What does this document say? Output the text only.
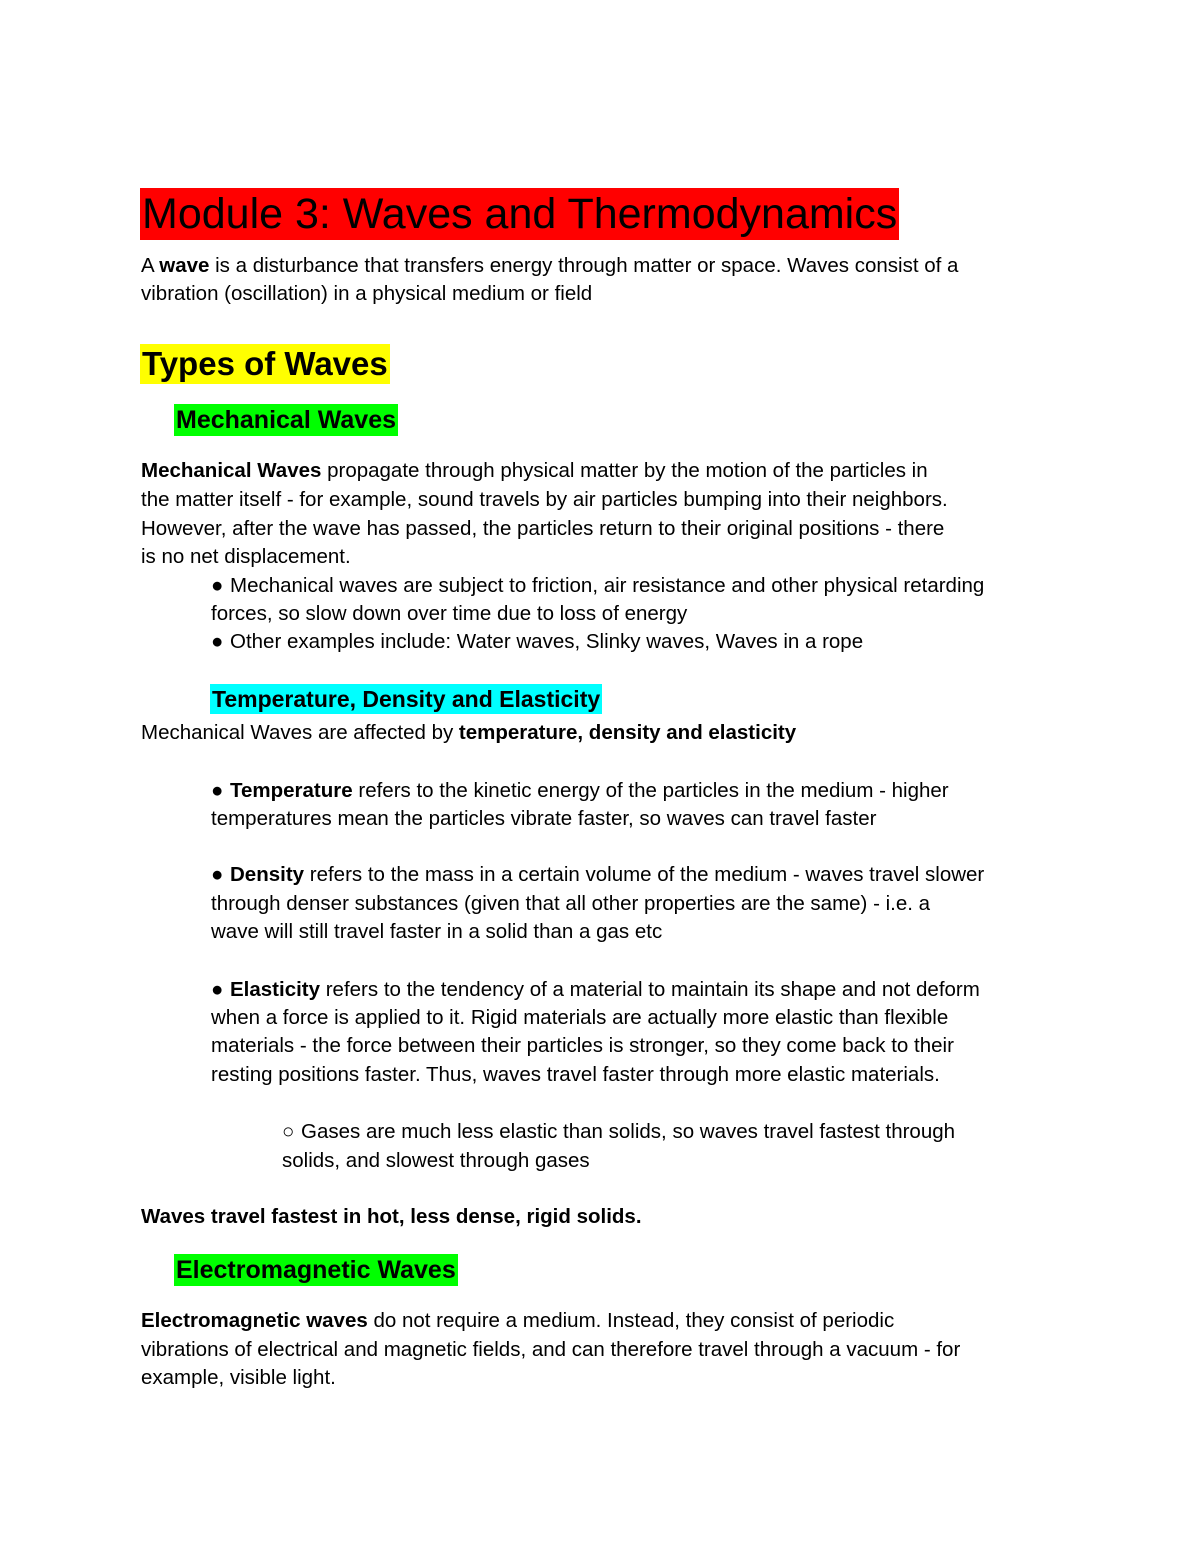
Module 3: Waves and Thermodynamics

A wave is a disturbance that transfers energy through matter or space. Waves consist of a

vibration (oscillation) in a physical medium or field

Types of Waves
Mechanical Waves

Mechanical Waves propagate through physical matter by the motion of the particles in

the matter itself - for example, sound travels by air particles bumping into their neighbors.

However, after the wave has passed, the particles return to their original positions - there

is no net displacement.

● Mechanical waves are subject to friction, air resistance and other physical retarding

forces, so slow down over time due to loss of energy

● Other examples include: Water waves, Slinky waves, Waves in a rope

Temperature, Density and Elasticity

Mechanical Waves are affected by temperature, density and elasticity

● Temperature refers to the kinetic energy of the particles in the medium - higher

temperatures mean the particles vibrate faster, so waves can travel faster

● Density refers to the mass in a certain volume of the medium - waves travel slower

through denser substances (given that all other properties are the same) - i.e. a

wave will still travel faster in a solid than a gas etc

● Elasticity refers to the tendency of a material to maintain its shape and not deform

when a force is applied to it. Rigid materials are actually more elastic than flexible

materials - the force between their particles is stronger, so they come back to their

resting positions faster. Thus, waves travel faster through more elastic materials.

○ Gases are much less elastic than solids, so waves travel fastest through

solids, and slowest through gases

Waves travel fastest in hot, less dense, rigid solids.

Electromagnetic Waves

Electromagnetic waves do not require a medium. Instead, they consist of periodic

vibrations of electrical and magnetic fields, and can therefore travel through a vacuum - for

example, visible light.
